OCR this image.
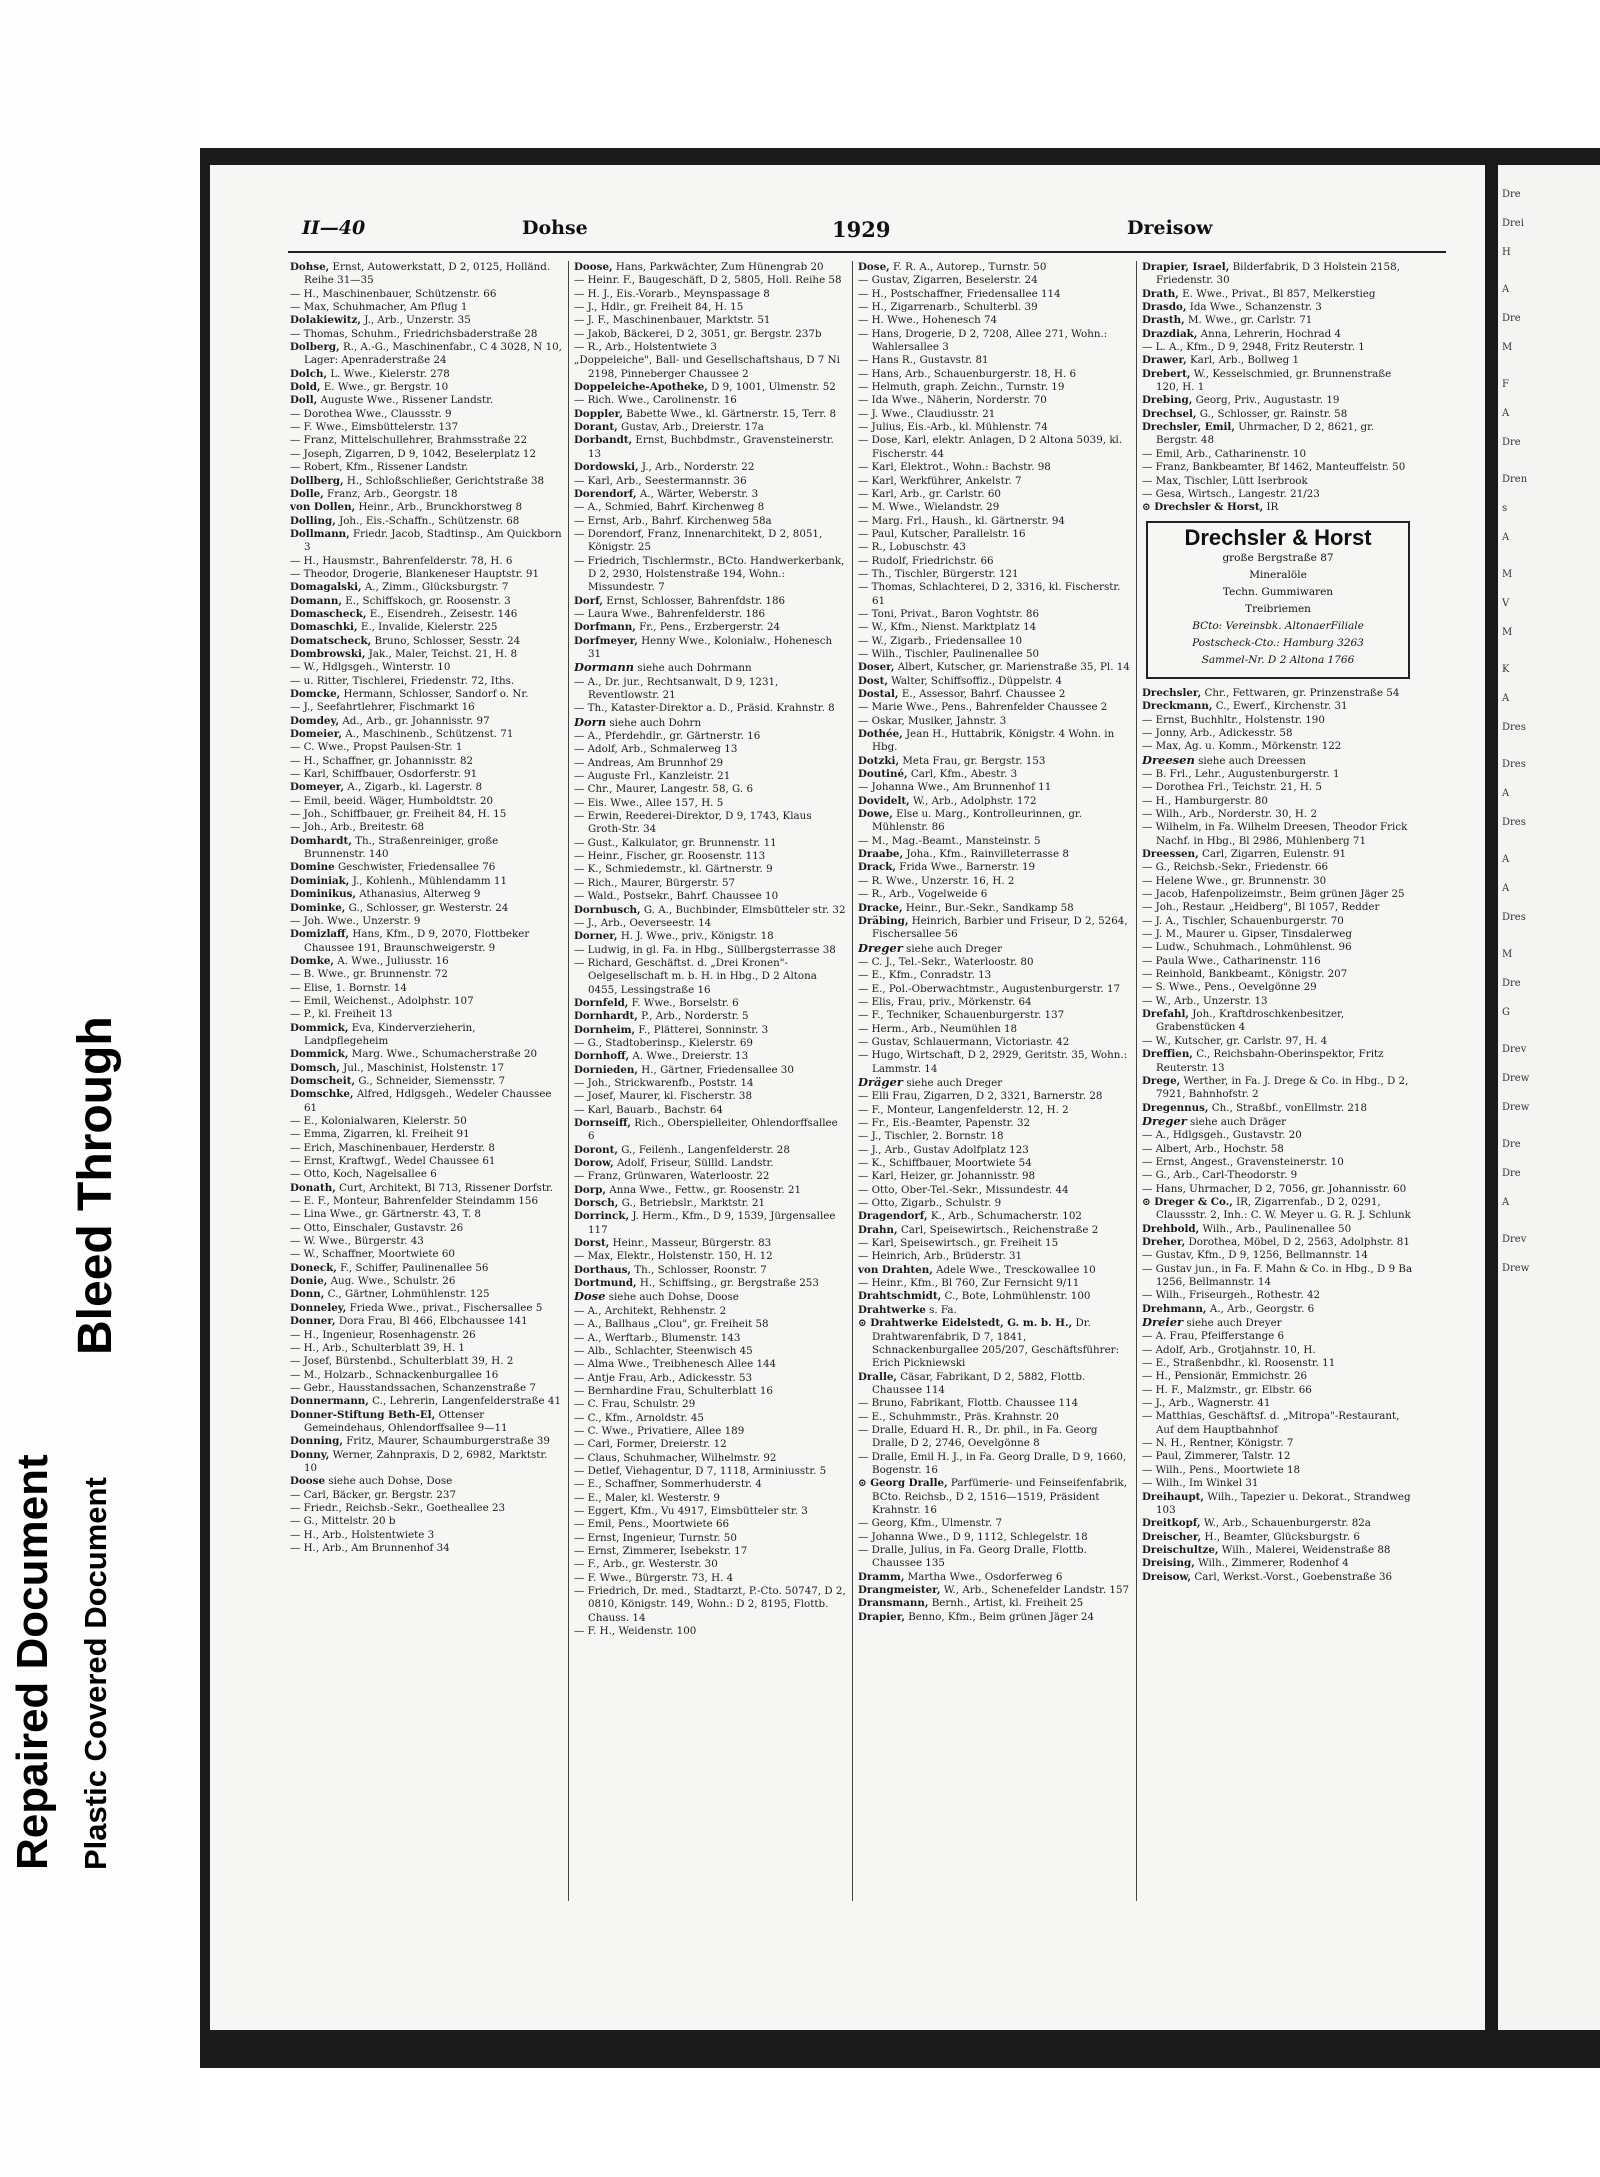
Repaired Document Plastic Covered Document
Bleed Through
II—40	Dohse	1929	Dreisow
Dohse, Ernst, Autowerkstatt, D 2, 0125, Holländ. Reihe 31—35
— H., Maschinenbauer, Schützenstr. 66
— Max, Schuhmacher, Am Pflug 1
Dolakiewitz, J., Arb., Unzerstr. 35
— Thomas, Schuhm., Friedrichsbaderstraße 28
Dolberg, R., A.-G., Maschinenfabr., C 4 3028, N 10, Lager: Apenraderstraße 24
Dolch, L. Wwe., Kielerstr. 278
Dold, E. Wwe., gr. Bergstr. 10
Doll, Auguste Wwe., Rissener Landstr.
— Dorothea Wwe., Claussstr. 9
— F. Wwe., Eimsbüttelerstr. 137
— Franz, Mittelschullehrer, Brahmsstraße 22
— Joseph, Zigarren, D 9, 1042, Beselerplatz 12
— Robert, Kfm., Rissener Landstr.
Dollberg, H., Schloßschließer, Gerichtstraße 38
Dolle, Franz, Arb., Georgstr. 18
von Dollen, Heinr., Arb., Brunckhorstweg 8
Dolling, Joh., Eis.-Schaffn., Schützenstr. 68
Dollmann, Friedr. Jacob, Stadtinsp., Am Quickborn 3
— H., Hausmstr., Bahrenfelderstr. 78, H. 6
— Theodor, Drogerie, Blankeneser Hauptstr. 91
Domagalski, A., Zimm., Glücksburgstr. 7
Domann, E., Schiffskoch, gr. Roosenstr. 3
Domascheck, E., Eisendreh., Zeisestr. 146
Domaschki, E., Invalide, Kielerstr. 225
Domatscheck, Bruno, Schlosser, Sesstr. 24
Dombrowski, Jak., Maler, Teichst. 21, H. 8
— W., Hdlgsgeh., Winterstr. 10
— u. Ritter, Tischlerei, Friedenstr. 72, Iths.
Domcke, Hermann, Schlosser, Sandorf o. Nr.
— J., Seefahrtlehrer, Fischmarkt 16
Domdey, Ad., Arb., gr. Johannisstr. 97
Domeier, A., Maschinenb., Schützenst. 71
— C. Wwe., Propst Paulsen-Str. 1
— H., Schaffner, gr. Johannisstr. 82
— Karl, Schiffbauer, Osdorferstr. 91
Domeyer, A., Zigarb., kl. Lagerstr. 8
— Emil, beeid. Wäger, Humboldtstr. 20
— Joh., Schiffbauer, gr. Freiheit 84, H. 15
— Joh., Arb., Breitestr. 68
Domhardt, Th., Straßenreiniger, große Brunnenstr. 140
Domine Geschwister, Friedensallee 76
Dominiak, J., Kohlenh., Mühlendamm 11
Dominikus, Athanasius, Alterweg 9
Dominke, G., Schlosser, gr. Westerstr. 24
— Joh. Wwe., Unzerstr. 9
Domizlaff, Hans, Kfm., D 9, 2070, Flottbeker Chaussee 191, Braunschweigerstr. 9
Domke, A. Wwe., Juliusstr. 16
— B. Wwe., gr. Brunnenstr. 72
— Elise, 1. Bornstr. 14
— Emil, Weichenst., Adolphstr. 107
— P., kl. Freiheit 13
Dommick, Eva, Kinderverzieherin, Landpflegeheim
Dommick, Marg. Wwe., Schumacherstraße 20
Domsch, Jul., Maschinist, Holstenstr. 17
Domscheit, G., Schneider, Siemensstr. 7
Domschke, Alfred, Hdlgsgeh., Wedeler Chaussee 61
— E., Kolonialwaren, Kielerstr. 50
— Emma, Zigarren, kl. Freiheit 91
— Erich, Maschinenbauer, Herderstr. 8
— Ernst, Kraftwgf., Wedel Chaussee 61
— Otto, Koch, Nagelsallee 6
Donath, Curt, Architekt, Bl 713, Rissener Dorfstr.
— E. F., Monteur, Bahrenfelder Steindamm 156
— Lina Wwe., gr. Gärtnerstr. 43, T. 8
— Otto, Einschaler, Gustavstr. 26
— W. Wwe., Bürgerstr. 43
— W., Schaffner, Moortwiete 60
Doneck, F., Schiffer, Paulinenallee 56
Donie, Aug. Wwe., Schulstr. 26
Donn, C., Gärtner, Lohmühlenstr. 125
Donneley, Frieda Wwe., privat., Fischersallee 5
Donner, Dora Frau, Bl 466, Elbchaussee 141
— H., Ingenieur, Rosenhagenstr. 26
— H., Arb., Schulterblatt 39, H. 1
— Josef, Bürstenbd., Schulterblatt 39, H. 2
— M., Holzarb., Schnackenburgallee 16
— Gebr., Hausstandssachen, Schanzenstraße 7
Donnermann, C., Lehrerin, Langenfelderstraße 41
Donner-Stiftung Beth-El, Ottenser Gemeindehaus, Ohlendorffsallee 9—11
Donning, Fritz, Maurer, Schaumburgerstraße 39
Donny, Werner, Zahnpraxis, D 2, 6982, Marktstr. 10
Doose siehe auch Dohse, Dose
— Carl, Bäcker, gr. Bergstr. 237
— Friedr., Reichsb.-Sekr., Goetheallee 23
— G., Mittelstr. 20 b
— H., Arb., Holstentwiete 3
— H., Arb., Am Brunnenhof 34
Doose, Hans, Parkwächter, Zum Hünengrab 20
— Heinr. F., Baugeschäft, D 2, 5805, Holl. Reihe 58
— H. J., Eis.-Vorarb., Meynspassage 8
— J., Hdlr., gr. Freiheit 84, H. 15
— J. F., Maschinenbauer, Marktstr. 51
— Jakob, Bäckerei, D 2, 3051, gr. Bergstr. 237b
— R., Arb., Holstentwiete 3
„Doppeleiche", Ball- und Gesellschaftshaus, D 7 Ni 2198, Pinneberger Chaussee 2
Doppeleiche-Apotheke, D 9, 1001, Ulmenstr. 52
— Rich. Wwe., Carolinenstr. 16
Doppler, Babette Wwe., kl. Gärtnerstr. 15, Terr. 8
Dorant, Gustav, Arb., Dreierstr. 17a
Dorbandt, Ernst, Buchbdmstr., Gravensteinerstr. 13
Dordowski, J., Arb., Norderstr. 22
— Karl, Arb., Seestermannstr. 36
Dorendorf, A., Wärter, Weberstr. 3
— A., Schmied, Bahrf. Kirchenweg 8
— Ernst, Arb., Bahrf. Kirchenweg 58a
— Dorendorf, Franz, Innenarchitekt, D 2, 8051, Königstr. 25
— Friedrich, Tischlermstr., BCto. Handwerkerbank, D 2, 2930, Holstenstraße 194, Wohn.: Missundestr. 7
Dorf, Ernst, Schlosser, Bahrenfdstr. 186
— Laura Wwe., Bahrenfelderstr. 186
Dorfmann, Fr., Pens., Erzbergerstr. 24
Dorfmeyer, Henny Wwe., Kolonialw., Hohenesch 31
Dormann siehe auch Dohrmann
— A., Dr. jur., Rechtsanwalt, D 9, 1231, Reventlowstr. 21
— Th., Kataster-Direktor a. D., Präsid. Krahnstr. 8
Dorn siehe auch Dohrn
— A., Pferdehdlr., gr. Gärtnerstr. 16
— Adolf, Arb., Schmalerweg 13
— Andreas, Am Brunnhof 29
— Auguste Frl., Kanzleistr. 21
— Chr., Maurer, Langestr. 58, G. 6
— Eis. Wwe., Allee 157, H. 5
— Erwin, Reederei-Direktor, D 9, 1743, Klaus Groth-Str. 34
— Gust., Kalkulator, gr. Brunnenstr. 11
— Heinr., Fischer, gr. Roosenstr. 113
— K., Schmiedemstr., kl. Gärtnerstr. 9
— Rich., Maurer, Bürgerstr. 57
— Wald., Postsekr., Bahrf. Chaussee 10
Dornbusch, G. A., Buchbinder, Elmsbütteler str. 32
— J., Arb., Oeverseestr. 14
Dorner, H. J. Wwe., priv., Königstr. 18
— Ludwig, in gl. Fa. in Hbg., Süllbergsterrasse 38
— Richard, Geschäftst. d. „Drei Kronen"-Oelgesellschaft m. b. H. in Hbg., D 2 Altona 0455, Lessingstraße 16
Dornfeld, F. Wwe., Borselstr. 6
Dornhardt, P., Arb., Norderstr. 5
Dornheim, F., Plätterei, Sonninstr. 3
— G., Stadtoberinsp., Kielerstr. 69
Dornhoff, A. Wwe., Dreierstr. 13
Dornieden, H., Gärtner, Friedensallee 30
— Joh., Strickwarenfb., Poststr. 14
— Josef, Maurer, kl. Fischerstr. 38
— Karl, Bauarb., Bachstr. 64
Dornseiff, Rich., Oberspielleiter, Ohlendorffsallee 6
Doront, G., Feilenh., Langenfelderstr. 28
Dorow, Adolf, Friseur, Süllld. Landstr.
— Franz, Grünwaren, Waterloostr. 22
Dorp, Anna Wwe., Fettw., gr. Roosenstr. 21
Dorsch, G., Betriebslr., Marktstr. 21
Dorrinck, J. Herm., Kfm., D 9, 1539, Jürgensallee 117
Dorst, Heinr., Masseur, Bürgerstr. 83
— Max, Elektr., Holstenstr. 150, H. 12
Dorthaus, Th., Schlosser, Roonstr. 7
Dortmund, H., Schiffsing., gr. Bergstraße 253
Dose siehe auch Dohse, Doose
— A., Architekt, Rehhenstr. 2
— A., Ballhaus „Clou", gr. Freiheit 58
— A., Werftarb., Blumenstr. 143
— Alb., Schlachter, Steenwisch 45
— Alma Wwe., Treibhenesch Allee 144
— Antje Frau, Arb., Adickesstr. 53
— Bernhardine Frau, Schulterblatt 16
— C. Frau, Schulstr. 29
— C., Kfm., Arnoldstr. 45
— C. Wwe., Privatiere, Allee 189
— Carl, Former, Dreierstr. 12
— Claus, Schuhmacher, Wilhelmstr. 92
— Detlef, Viehagentur, D 7, 1118, Arminiusstr. 5
— E., Schaffner, Sommerhuderstr. 4
— E., Maler, kl. Westerstr. 9
— Eggert, Kfm., Vu 4917, Eimsbütteler str. 3
— Emil, Pens., Moortwiete 66
— Ernst, Ingenieur, Turnstr. 50
— Ernst, Zimmerer, Isebekstr. 17
— F., Arb., gr. Westerstr. 30
— F. Wwe., Bürgerstr. 73, H. 4
— Friedrich, Dr. med., Stadtarzt, P.-Cto. 50747, D 2, 0810, Königstr. 149, Wohn.: D 2, 8195, Flottb. Chauss. 14
— F. H., Weidenstr. 100
Dose, F. R. A., Autorep., Turnstr. 50
— Gustav, Zigarren, Beselerstr. 24
— H., Postschaffner, Friedensallee 114
— H., Zigarrenarb., Schulterbl. 39
— H. Wwe., Hohenesch 74
— Hans, Drogerie, D 2, 7208, Allee 271, Wohn.: Wahlersallee 3
— Hans R., Gustavstr. 81
— Hans, Arb., Schauenburgerstr. 18, H. 6
— Helmuth, graph. Zeichn., Turnstr. 19
— Ida Wwe., Näherin, Norderstr. 70
— J. Wwe., Claudiusstr. 21
— Julius, Eis.-Arb., kl. Mühlenstr. 74
— Dose, Karl, elektr. Anlagen, D 2 Altona 5039, kl. Fischerstr. 44
— Karl, Elektrot., Wohn.: Bachstr. 98
— Karl, Werkführer, Ankelstr. 7
— Karl, Arb., gr. Carlstr. 60
— M. Wwe., Wielandstr. 29
— Marg. Frl., Haush., kl. Gärtnerstr. 94
— Paul, Kutscher, Parallelstr. 16
— R., Lobuschstr. 43
— Rudolf, Friedrichstr. 66
— Th., Tischler, Bürgerstr. 121
— Thomas, Schlachterei, D 2, 3316, kl. Fischerstr. 61
— Toni, Privat., Baron Voghtstr. 86
— W., Kfm., Nienst. Marktplatz 14
— W., Zigarb., Friedensallee 10
— Wilh., Tischler, Paulinenallee 50
Doser, Albert, Kutscher, gr. Marienstraße 35, Pl. 14
Dost, Walter, Schiffsoffiz., Düppelstr. 4
Dostal, E., Assessor, Bahrf. Chaussee 2
— Marie Wwe., Pens., Bahrenfelder Chaussee 2
— Oskar, Musiker, Jahnstr. 3
Dothée, Jean H., Huttabrik, Königstr. 4 Wohn. in Hbg.
Dotzki, Meta Frau, gr. Bergstr. 153
Doutiné, Carl, Kfm., Abestr. 3
— Johanna Wwe., Am Brunnenhof 11
Dovidelt, W., Arb., Adolphstr. 172
Dowe, Else u. Marg., Kontrolleurinnen, gr. Mühlenstr. 86
— M., Mag.-Beamt., Mansteinstr. 5
Draabe, Joha., Kfm., Rainvilleterrasse 8
Drack, Frida Wwe., Barnerstr. 19
— R. Wwe., Unzerstr. 16, H. 2
— R., Arb., Vogelweide 6
Dracke, Heinr., Bur.-Sekr., Sandkamp 58
Dräbing, Heinrich, Barbier und Friseur, D 2, 5264, Fischersallee 56
Dreger siehe auch Dreger
— C. J., Tel.-Sekr., Waterloostr. 80
— E., Kfm., Conradstr. 13
— E., Pol.-Oberwachtmstr., Augustenburgerstr. 17
— Elis, Frau, priv., Mörkenstr. 64
— F., Techniker, Schauenburgerstr. 137
— Herm., Arb., Neumühlen 18
— Gustav, Schlauermann, Victoriastr. 42
— Hugo, Wirtschaft, D 2, 2929, Geritstr. 35, Wohn.: Lammstr. 14
Dräger siehe auch Dreger
— Elli Frau, Zigarren, D 2, 3321, Barnerstr. 28
— F., Monteur, Langenfelderstr. 12, H. 2
— Fr., Eis.-Beamter, Papenstr. 32
— J., Tischler, 2. Bornstr. 18
— J., Arb., Gustav Adolfplatz 123
— K., Schiffbauer, Moortwiete 54
— Karl, Heizer, gr. Johannisstr. 98
— Otto, Ober-Tel.-Sekr., Missundestr. 44
— Otto, Zigarb., Schulstr. 9
Dragendorf, K., Arb., Schumacherstr. 102
Drahn, Carl, Speisewirtsch., Reichenstraße 2
— Karl, Speisewirtsch., gr. Freiheit 15
— Heinrich, Arb., Brüderstr. 31
von Drahten, Adele Wwe., Tresckowallee 10
— Heinr., Kfm., Bl 760, Zur Fernsicht 9/11
Drahtschmidt, C., Bote, Lohmühlenstr. 100
Drahtwerke s. Fa.
⊙ Drahtwerke Eidelstedt, G. m. b. H., Dr. Drahtwarenfabrik, D 7, 1841, Schnackenburgallee 205/207, Geschäftsführer: Erich Pickniewski
Dralle, Cäsar, Fabrikant, D 2, 5882, Flottb. Chaussee 114
— Bruno, Fabrikant, Flottb. Chaussee 114
— E., Schuhmmstr., Präs. Krahnstr. 20
— Dralle, Eduard H. R., Dr. phil., in Fa. Georg Dralle, D 2, 2746, Oevelgönne 8
— Dralle, Emil H. J., in Fa. Georg Dralle, D 9, 1660, Bogenstr. 16
⊙ Georg Dralle, Parfümerie- und Feinseifenfabrik, BCto. Reichsb., D 2, 1516—1519, Präsident Krahnstr. 16
— Georg, Kfm., Ulmenstr. 7
— Johanna Wwe., D 9, 1112, Schlegelstr. 18
— Dralle, Julius, in Fa. Georg Dralle, Flottb. Chaussee 135
Dramm, Martha Wwe., Osdorferweg 6
Drangmeister, W., Arb., Schenefelder Landstr. 157
Dransmann, Bernh., Artist, kl. Freiheit 25
Drapier, Benno, Kfm., Beim grünen Jäger 24
Drapier, Israel, Bilderfabrik, D 3 Holstein 2158, Friedenstr. 30
Drath, E. Wwe., Privat., Bl 857, Melkerstieg
Drasdo, Ida Wwe., Schanzenstr. 3
Drasth, M. Wwe., gr. Carlstr. 71
Drazdiak, Anna, Lehrerin, Hochrad 4
— L. A., Kfm., D 9, 2948, Fritz Reuterstr. 1
Drawer, Karl, Arb., Bollweg 1
Drebert, W., Kesselschmied, gr. Brunnenstraße 120, H. 1
Drebing, Georg, Priv., Augustastr. 19
Drechsel, G., Schlosser, gr. Rainstr. 58
Drechsler, Emil, Uhrmacher, D 2, 8621, gr. Bergstr. 48
— Emil, Arb., Catharinenstr. 10
— Franz, Bankbeamter, Bf 1462, Manteuffelstr. 50
— Max, Tischler, Lütt Iserbrook
— Gesa, Wirtsch., Langestr. 21/23
⊙ Drechsler & Horst, IR
Drechsler & Horst
große Bergstraße 87
Mineralöle
Techn. Gummiwaren
Treibriemen
BCto: Vereinsbk. AltonaerFiliale
Postscheck-Cto.: Hamburg 3263
Sammel-Nr. D 2 Altona 1766
Drechsler, Chr., Fettwaren, gr. Prinzenstraße 54
Dreckmann, C., Ewerf., Kirchenstr. 31
— Ernst, Buchhltr., Holstenstr. 190
— Jonny, Arb., Adickesstr. 58
— Max, Ag. u. Komm., Mörkenstr. 122
Dreesen siehe auch Dreessen
— B. Frl., Lehr., Augustenburgerstr. 1
— Dorothea Frl., Teichstr. 21, H. 5
— H., Hamburgerstr. 80
— Wilh., Arb., Norderstr. 30, H. 2
— Wilhelm, in Fa. Wilhelm Dreesen, Theodor Frick Nachf. in Hbg., Bl 2986, Mühlenberg 71
Dreessen, Carl, Zigarren, Eulenstr. 91
— G., Reichsb.-Sekr., Friedenstr. 66
— Helene Wwe., gr. Brunnenstr. 30
— Jacob, Hafenpolizeimstr., Beim grünen Jäger 25
— Joh., Restaur. „Heidberg", Bl 1057, Redder
— J. A., Tischler, Schauenburgerstr. 70
— J. M., Maurer u. Gipser, Tinsdalerweg
— Ludw., Schuhmach., Lohmühlenst. 96
— Paula Wwe., Catharinenstr. 116
— Reinhold, Bankbeamt., Königstr. 207
— S. Wwe., Pens., Oevelgönne 29
— W., Arb., Unzerstr. 13
Drefahl, Joh., Kraftdroschkenbesitzer, Grabenstücken 4
— W., Kutscher, gr. Carlstr. 97, H. 4
Dreffien, C., Reichsbahn-Oberinspektor, Fritz Reuterstr. 13
Drege, Werther, in Fa. J. Drege & Co. in Hbg., D 2, 7921, Bahnhofstr. 2
Dregennus, Ch., Straßbf., vonEllmstr. 218
Dreger siehe auch Dräger
— A., Hdlgsgeh., Gustavstr. 20
— Albert, Arb., Hochstr. 58
— Ernst, Angest., Gravensteinerstr. 10
— G., Arb., Carl-Theodorstr. 9
— Hans, Uhrmacher, D 2, 7056, gr. Johannisstr. 60
⊙ Dreger & Co., IR, Zigarrenfab., D 2, 0291, Claussstr. 2, Inh.: C. W. Meyer u. G. R. J. Schlunk
Drehbold, Wilh., Arb., Paulinenallee 50
Dreher, Dorothea, Möbel, D 2, 2563, Adolphstr. 81
— Gustav, Kfm., D 9, 1256, Bellmannstr. 14
— Gustav jun., in Fa. F. Mahn & Co. in Hbg., D 9 Ba 1256, Bellmannstr. 14
— Wilh., Friseurgeh., Rothestr. 42
Drehmann, A., Arb., Georgstr. 6
Dreier siehe auch Dreyer
— A. Frau, Pfeifferstange 6
— Adolf, Arb., Grotjahnstr. 10, H.
— E., Straßenbdhr., kl. Roosenstr. 11
— H., Pensionär, Emmichstr. 26
— H. F., Malzmstr., gr. Elbstr. 66
— J., Arb., Wagnerstr. 41
— Matthias, Geschäftsf. d. „Mitropa"-Restaurant, Auf dem Hauptbahnhof
— N. H., Rentner, Königstr. 7
— Paul, Zimmerer, Talstr. 12
— Wilh., Pens., Moortwiete 18
— Wilh., Im Winkel 31
Dreihaupt, Wilh., Tapezier u. Dekorat., Strandweg 103
Dreitkopf, W., Arb., Schauenburgerstr. 82a
Dreischer, H., Beamter, Glücksburgstr. 6
Dreischultze, Wilh., Malerei, Weidenstraße 88
Dreising, Wilh., Zimmerer, Rodenhof 4
Dreisow, Carl, Werkst.-Vorst., Goebenstraße 36
Dre
Drei
H
A
Dre
M
F
A
Dre
Dren
s
A
M
V
M
K
A
Dres
Dres
A
Dres
A
A
Dres
M
Dre
G
Drev
Drew
Drew
Dre
Dre
A
Drev
Drew
